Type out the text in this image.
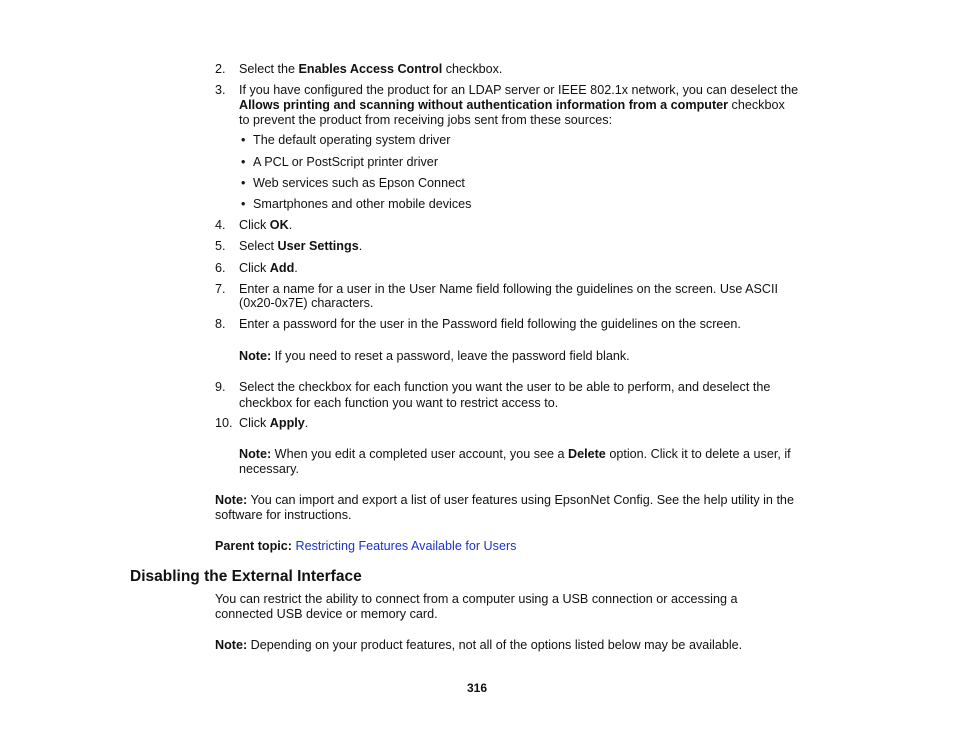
2. Select the Enables Access Control checkbox.
3. If you have configured the product for an LDAP server or IEEE 802.1x network, you can deselect the
Allows printing and scanning without authentication information from a computer checkbox
to prevent the product from receiving jobs sent from these sources:
• The default operating system driver
• A PCL or PostScript printer driver
• Web services such as Epson Connect
• Smartphones and other mobile devices
4. Click OK.
5. Select User Settings.
6. Click Add.
7. Enter a name for a user in the User Name field following the guidelines on the screen. Use ASCII
(0x20-0x7E) characters.
8. Enter a password for the user in the Password field following the guidelines on the screen.
Note: If you need to reset a password, leave the password field blank.
9. Select the checkbox for each function you want the user to be able to perform, and deselect the
checkbox for each function you want to restrict access to.
10. Click Apply.
Note: When you edit a completed user account, you see a Delete option. Click it to delete a user, if
necessary.
Note: You can import and export a list of user features using EpsonNet Config. See the help utility in the
software for instructions.
Parent topic: Restricting Features Available for Users
Disabling the External Interface
You can restrict the ability to connect from a computer using a USB connection or accessing a
connected USB device or memory card.
Note: Depending on your product features, not all of the options listed below may be available.
316
